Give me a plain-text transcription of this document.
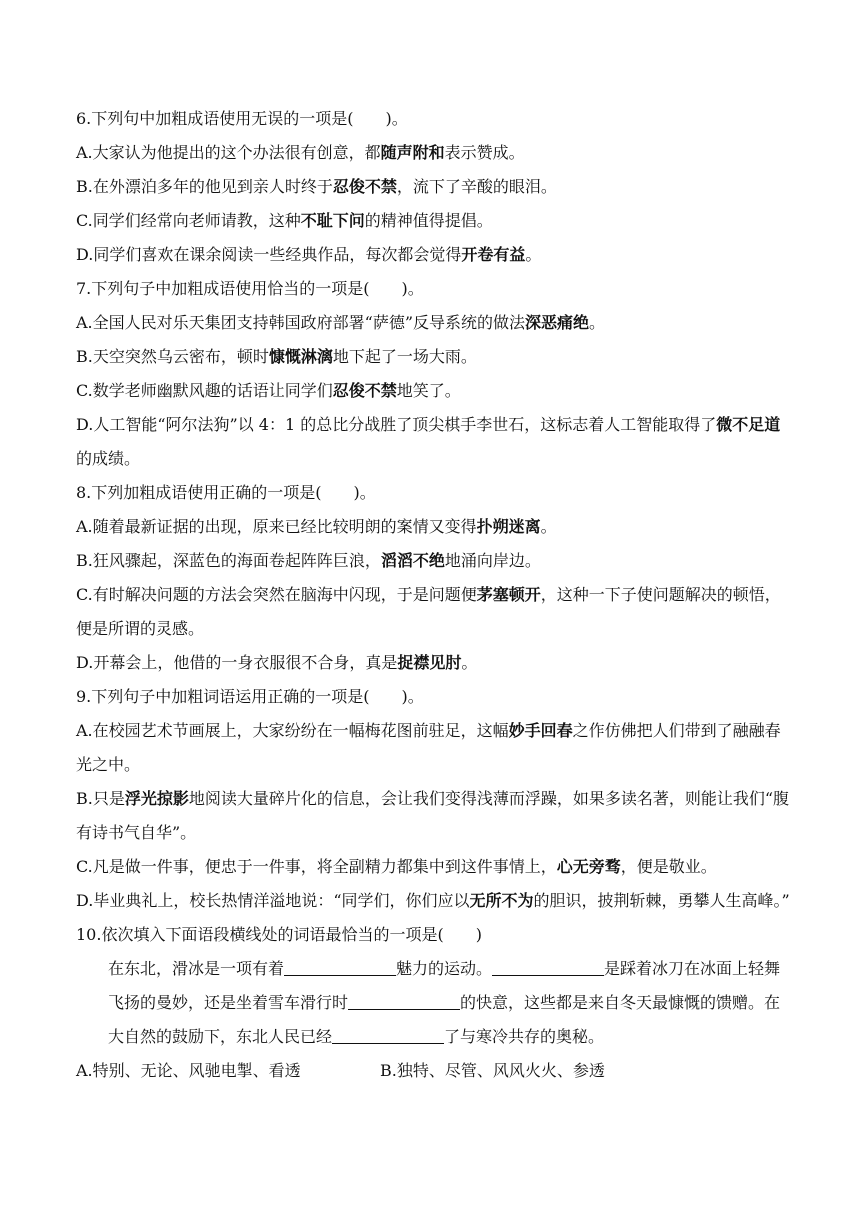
6.下列句中加粗成语使用无误的一项是(　　)。
A.大家认为他提出的这个办法很有创意，都随声附和表示赞成。
B.在外漂泊多年的他见到亲人时终于忍俊不禁，流下了辛酸的眼泪。
C.同学们经常向老师请教，这种不耻下问的精神值得提倡。
D.同学们喜欢在课余阅读一些经典作品，每次都会觉得开卷有益。
7.下列句子中加粗成语使用恰当的一项是(　　)。
A.全国人民对乐天集团支持韩国政府部署“萨德”反导系统的做法深恶痛绝。
B.天空突然乌云密布，顿时慷慨淋漓地下起了一场大雨。
C.数学老师幽默风趣的话语让同学们忍俊不禁地笑了。
D.人工智能“阿尔法狗”以 4：1 的总比分战胜了顶尖棋手李世石，这标志着人工智能取得了微不足道的成绩。
8.下列加粗成语使用正确的一项是(　　)。
A.随着最新证据的出现，原来已经比较明朗的案情又变得扑朔迷离。
B.狂风骤起，深蓝色的海面卷起阵阵巨浪，滔滔不绝地涌向岸边。
C.有时解决问题的方法会突然在脑海中闪现，于是问题便茅塞顿开，这种一下子使问题解决的顿悟，便是所谓的灵感。
D.开幕会上，他借的一身衣服很不合身，真是捉襟见肘。
9.下列句子中加粗词语运用正确的一项是(　　)。
A.在校园艺术节画展上，大家纷纷在一幅梅花图前驻足，这幅妙手回春之作仿佛把人们带到了融融春光之中。
B.只是浮光掠影地阅读大量碎片化的信息，会让我们变得浅薄而浮躁，如果多读名著，则能让我们“腹有诗书气自华”。
C.凡是做一件事，便忠于一件事，将全副精力都集中到这件事情上，心无旁骛，便是敬业。
D.毕业典礼上，校长热情洋溢地说：“同学们，你们应以无所不为的胆识，披荆斩棘，勇攀人生高峰。”
10.依次填入下面语段横线处的词语最恰当的一项是(　　)
在东北，滑冰是一项有着	魅力的运动。	是踩着冰刀在冰面上轻舞飞扬的曼妙，还是坐着雪车滑行时	的快意，这些都是来自冬天最慷慨的馈赠。在大自然的鼓励下，东北人民已经	了与寒冷共存的奥秘。
A.特别、无论、风驰电掣、看透	B.独特、尽管、风风火火、参透
